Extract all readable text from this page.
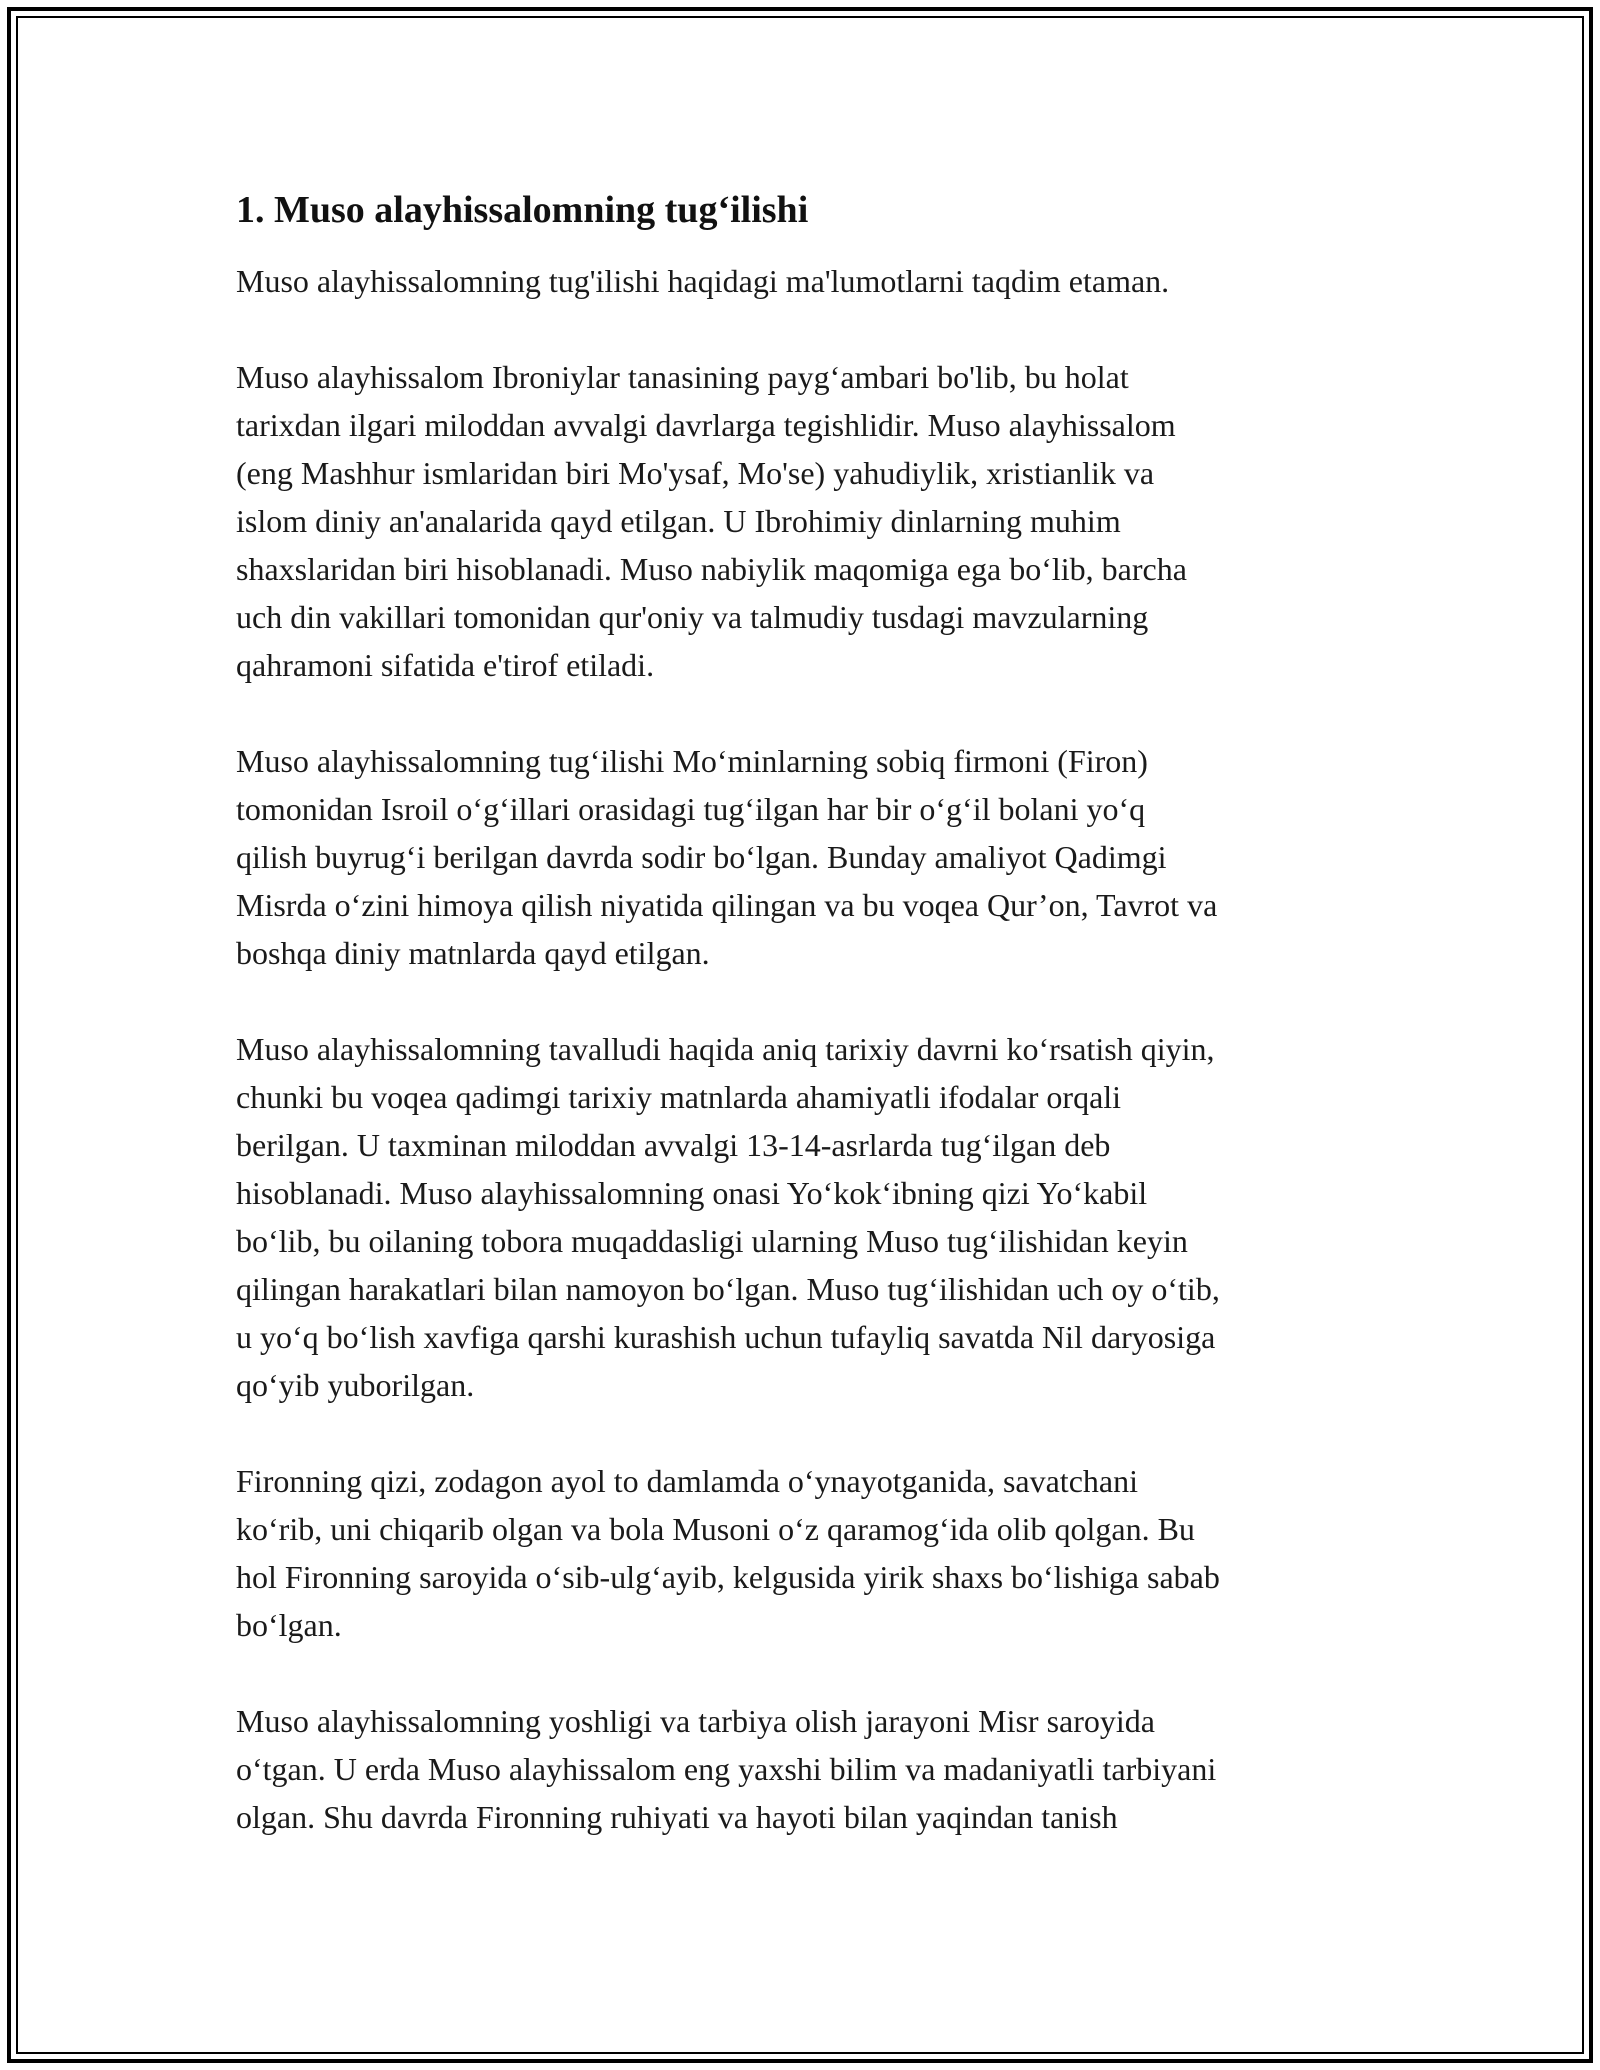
1. Muso alayhissalomning tug‘ilishi

Muso alayhissalomning tug'ilishi haqidagi ma'lumotlarni taqdim etaman.

Muso alayhissalom Ibroniylar tanasining payg‘ambari bo'lib, bu holat
tarixdan ilgari miloddan avvalgi davrlarga tegishlidir. Muso alayhissalom
(eng Mashhur ismlaridan biri Mo'ysaf, Mo'se) yahudiylik, xristianlik va
islom diniy an'analarida qayd etilgan. U Ibrohimiy dinlarning muhim
shaxslaridan biri hisoblanadi. Muso nabiylik maqomiga ega bo‘lib, barcha
uch din vakillari tomonidan qur'oniy va talmudiy tusdagi mavzularning
qahramoni sifatida e'tirof etiladi.

Muso alayhissalomning tug‘ilishi Mo‘minlarning sobiq firmoni (Firon)
tomonidan Isroil o‘g‘illari orasidagi tug‘ilgan har bir o‘g‘il bolani yo‘q
qilish buyrug‘i berilgan davrda sodir bo‘lgan. Bunday amaliyot Qadimgi
Misrda o‘zini himoya qilish niyatida qilingan va bu voqea Qur’on, Tavrot va
boshqa diniy matnlarda qayd etilgan.

Muso alayhissalomning tavalludi haqida aniq tarixiy davrni ko‘rsatish qiyin,
chunki bu voqea qadimgi tarixiy matnlarda ahamiyatli ifodalar orqali
berilgan. U taxminan miloddan avvalgi 13-14-asrlarda tug‘ilgan deb
hisoblanadi. Muso alayhissalomning onasi Yo‘kok‘ibning qizi Yo‘kabil
bo‘lib, bu oilaning tobora muqaddasligi ularning Muso tug‘ilishidan keyin
qilingan harakatlari bilan namoyon bo‘lgan. Muso tug‘ilishidan uch oy o‘tib,
u yo‘q bo‘lish xavfiga qarshi kurashish uchun tufayliq savatda Nil daryosiga
qo‘yib yuborilgan.

Fironning qizi, zodagon ayol to damlamda o‘ynayotganida, savatchani
ko‘rib, uni chiqarib olgan va bola Musoni o‘z qaramog‘ida olib qolgan. Bu
hol Fironning saroyida o‘sib-ulg‘ayib, kelgusida yirik shaxs bo‘lishiga sabab
bo‘lgan.

Muso alayhissalomning yoshligi va tarbiya olish jarayoni Misr saroyida
o‘tgan. U erda Muso alayhissalom eng yaxshi bilim va madaniyatli tarbiyani
olgan. Shu davrda Fironning ruhiyati va hayoti bilan yaqindan tanish
